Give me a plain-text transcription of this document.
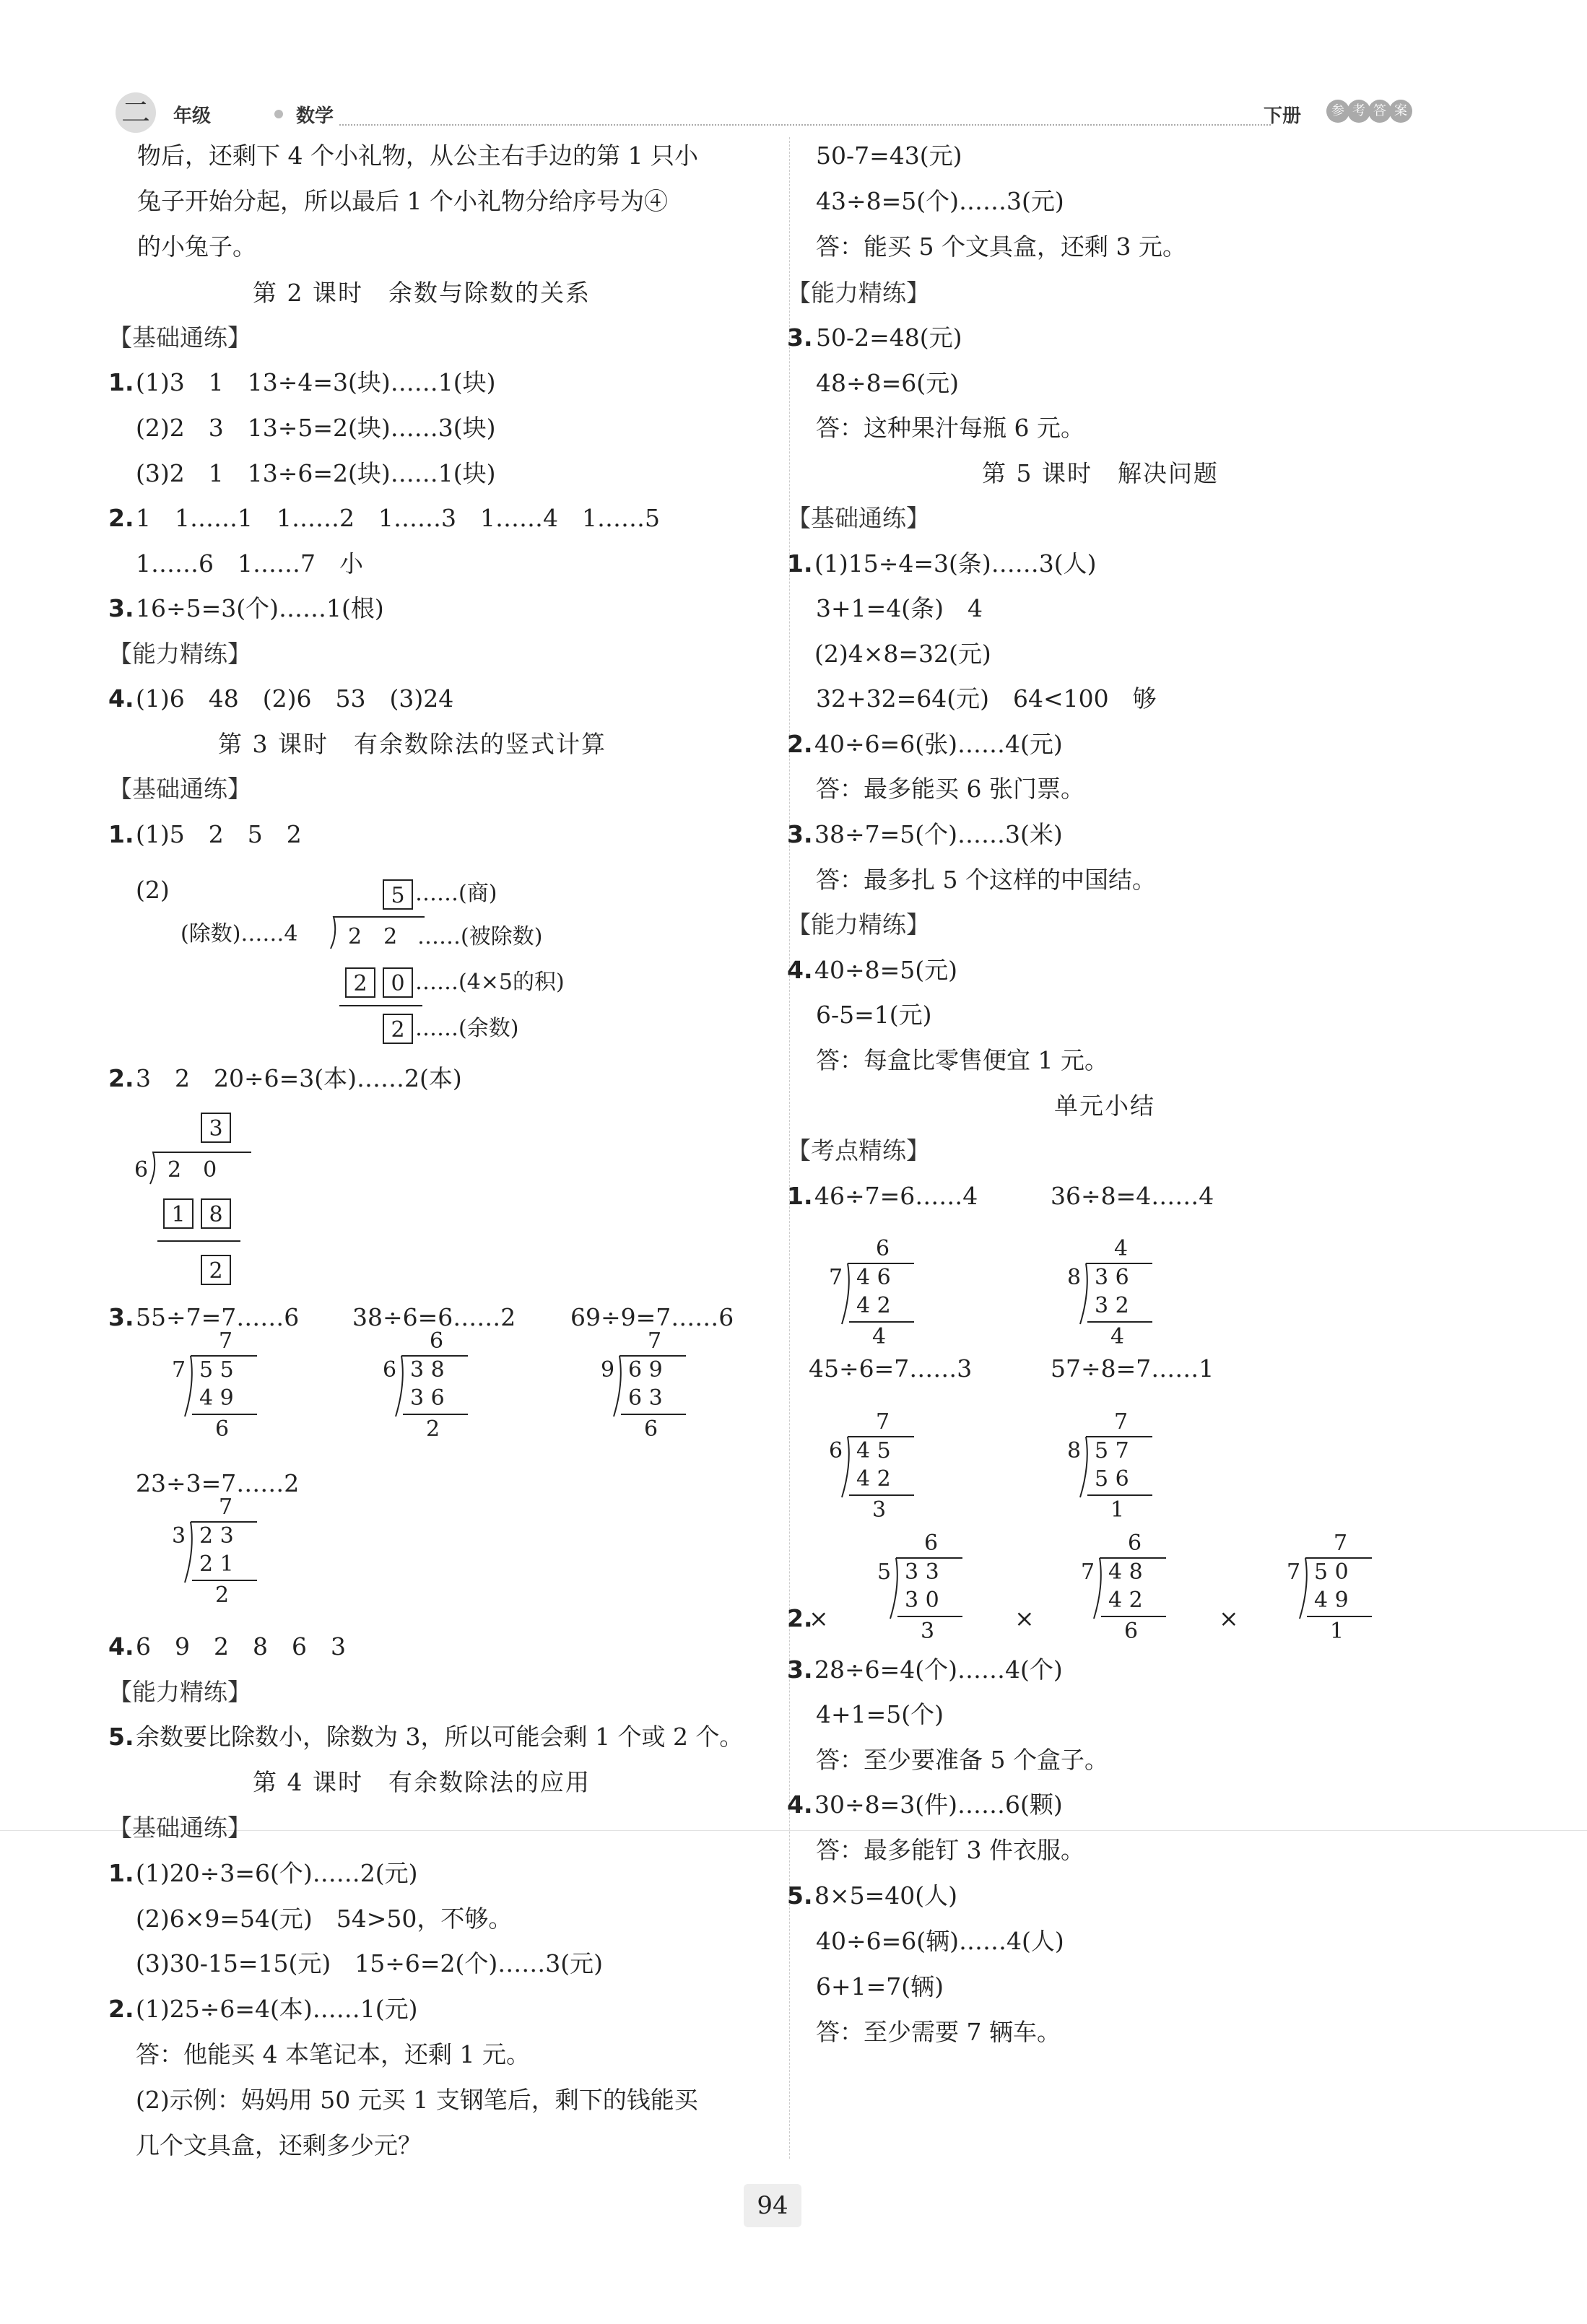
二	年级	数学	下册	参 考 答 案
物后，还剩下 4 个小礼物，从公主右手边的第 1 只小
兔子开始分起，所以最后 1 个小礼物分给序号为④
的小兔子。
第 2 课时　余数与除数的关系
【基础通练】
1. (1)3　1　13÷4=3(块)……1(块)
(2)2　3　13÷5=2(块)……3(块)
(3)2　1　13÷6=2(块)……1(块)
2. 1　1……1　1……2　1……3　1……4　1……5
1……6　1……7　小
3. 16÷5=3(个)……1(根)
【能力精练】
4. (1)6　48　(2)6　53　(3)24
第 3 课时　有余数除法的竖式计算
【基础通练】
1. (1)5　2　5　2
(2)	5 ……(商)
(除数)……4 2　2 ……(被除数)
2	0 ……(4×5的积)
2 ……(余数)
2. 3　2　20÷6=3(本)……2(本)
3
6 2　0
1	8
2
3. 55÷7=7……6 38÷6=6……2 69÷9=7……6
7
7 5 5
4 9
6
6
6 3 8
3 6
2
7
9 6 9
6 3
6
7
3 2 3
2 1
2
6
7 4 6
4 2
4
4
8 3 6
3 2
4
7
6 4 5
4 2
3
7
8 5 7
5 6
1
6
5 3 3
3 0
3
6
7 4 8
4 2
6
7
7 5 0
4 9
1
23÷3=7……2
4. 6　9　2　8　6　3
【能力精练】
5. 余数要比除数小，除数为 3，所以可能会剩 1 个或 2 个。
第 4 课时　有余数除法的应用
【基础通练】
1. (1)20÷3=6(个)……2(元)
(2)6×9=54(元)　54>50，不够。
(3)30-15=15(元)　15÷6=2(个)……3(元)
2. (1)25÷6=4(本)……1(元)
答：他能买 4 本笔记本，还剩 1 元。
(2)示例：妈妈用 50 元买 1 支钢笔后，剩下的钱能买
几个文具盒，还剩多少元？
50-7=43(元)
43÷8=5(个)……3(元)
答：能买 5 个文具盒，还剩 3 元。
【能力精练】
3. 50-2=48(元)
48÷8=6(元)
答：这种果汁每瓶 6 元。
第 5 课时　解决问题
【基础通练】
1. (1)15÷4=3(条)……3(人)
3+1=4(条)　4
(2)4×8=32(元)
32+32=64(元)　64<100　够
2. 40÷6=6(张)……4(元)
答：最多能买 6 张门票。
3. 38÷7=5(个)……3(米)
答：最多扎 5 个这样的中国结。
【能力精练】
4. 40÷8=5(元)
6-5=1(元)
答：每盒比零售便宜 1 元。
单元小结
【考点精练】
1. 46÷7=6……4	36÷8=4……4
45÷6=7……3	57÷8=7……1
2.
×	×	×
3. 28÷6=4(个)……4(个)
4+1=5(个)
答：至少要准备 5 个盒子。
4. 30÷8=3(件)……6(颗)
答：最多能钉 3 件衣服。
5. 8×5=40(人)
40÷6=6(辆)……4(人)
6+1=7(辆)
答：至少需要 7 辆车。
94
